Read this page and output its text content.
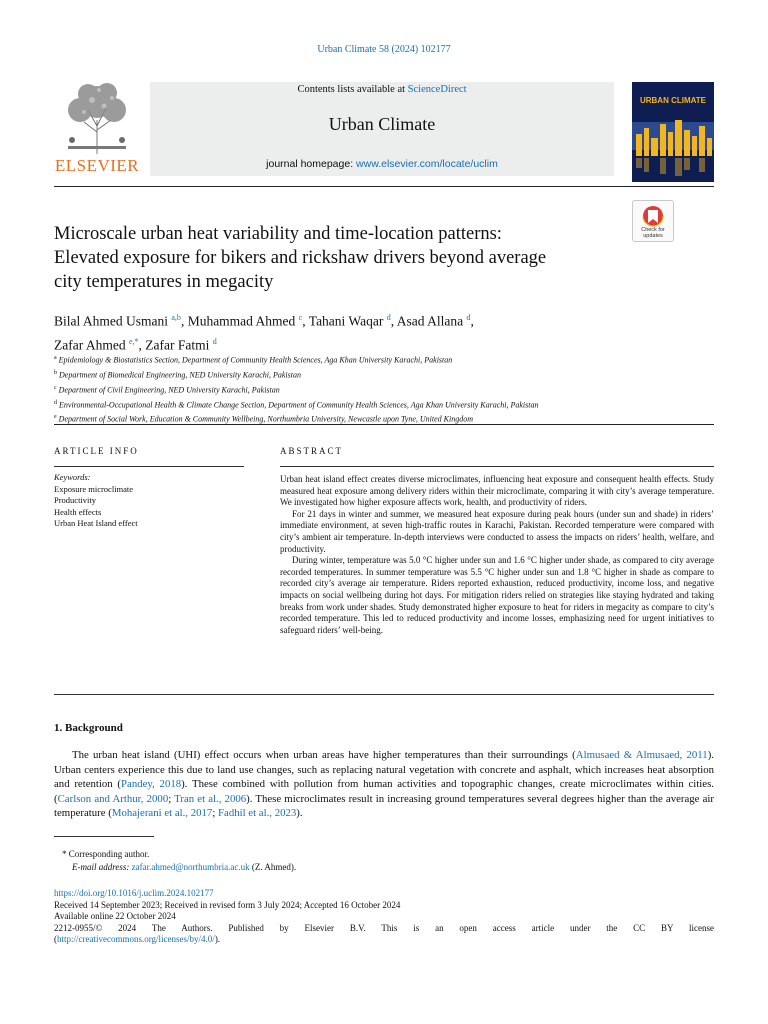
Urban Climate 58 (2024) 102177
ELSEVIER
Contents lists available at ScienceDirect
Urban Climate
journal homepage: www.elsevier.com/locate/uclim
URBAN CLIMATE
Check for
updates
Microscale urban heat variability and time-location patterns:
Elevated exposure for bikers and rickshaw drivers beyond average
city temperatures in megacity
Bilal Ahmed Usmani $^{a,b}$, Muhammad Ahmed $^c$, Tahani Waqar $^d$, Asad Allana $^d$,
Zafar Ahmed $^{e,*}$, Zafar Fatmi $^d$
$^a$ Epidemiology & Biostatistics Section, Department of Community Health Sciences, Aga Khan University Karachi, Pakistan
$^b$ Department of Biomedical Engineering, NED University Karachi, Pakistan
$^c$ Department of Civil Engineering, NED University Karachi, Pakistan
$^d$ Environmental-Occupational Health & Climate Change Section, Department of Community Health Sciences, Aga Khan University Karachi, Pakistan
$^e$ Department of Social Work, Education & Community Wellbeing, Northumbria University, Newcastle upon Tyne, United Kingdom
ARTICLE INFO	ABSTRACT
Keywords:
Exposure microclimate
Productivity
Health effects
Urban Heat Island effect

Urban heat island effect creates diverse microclimates, influencing heat exposure and consequent health effects. Study measured heat exposure among delivery riders within their microclimate, comparing it with city’s average temperature. We investigated how higher exposure affects work, health, and productivity of riders.

For 21 days in winter and summer, we measured heat exposure during peak hours (under sun and shade) in riders’ immediate environment, at seven high-traffic routes in Karachi, Pakistan. Recorded temperature were compared with city’s ambient air temperature. In-depth interviews were conducted to assess the impacts on riders’ health, welfare, and productivity.

During winter, temperature was 5.0 °C higher under sun and 1.6 °C higher under shade, as compared to city average recorded temperatures. In summer temperature was 5.5 °C higher under sun and 1.8 °C higher in shade as compare to recorded city’s average air temperature. Riders reported exhaustion, reduced productivity, income loss, and negative impacts on social wellbeing during hot days. For mitigation riders relied on strategies like staying hydrated and taking breaks from work under shades. Study demonstrated higher exposure to heat for riders in megacity as compare to city’s recorded temperature. This led to reduced productivity and income losses, emphasizing need for urgent initiatives to safeguard riders’ well-being.

1. Background

The urban heat island (UHI) effect occurs when urban areas have higher temperatures than their surroundings (Almusaed & Almusaed, 2011). Urban centers experience this due to land use changes, such as replacing natural vegetation with concrete and asphalt, which increases heat absorption and retention (Pandey, 2018). These combined with pollution from human activities and topographic changes, create microclimates within cities. (Carlson and Arthur, 2000; Tran et al., 2006). These microclimates result in increasing ground temperatures several degrees higher than the average air temperature (Mohajerani et al., 2017; Fadhil et al., 2023).

* Corresponding author.
E-mail address: zafar.ahmed@northumbria.ac.uk (Z. Ahmed).
https://doi.org/10.1016/j.uclim.2024.102177
Received 14 September 2023; Received in revised form 3 July 2024; Accepted 16 October 2024
Available online 22 October 2024
2212-0955/© 2024 The Authors. Published by Elsevier B.V. This is an open access article under the CC BY license
(http://creativecommons.org/licenses/by/4.0/).
